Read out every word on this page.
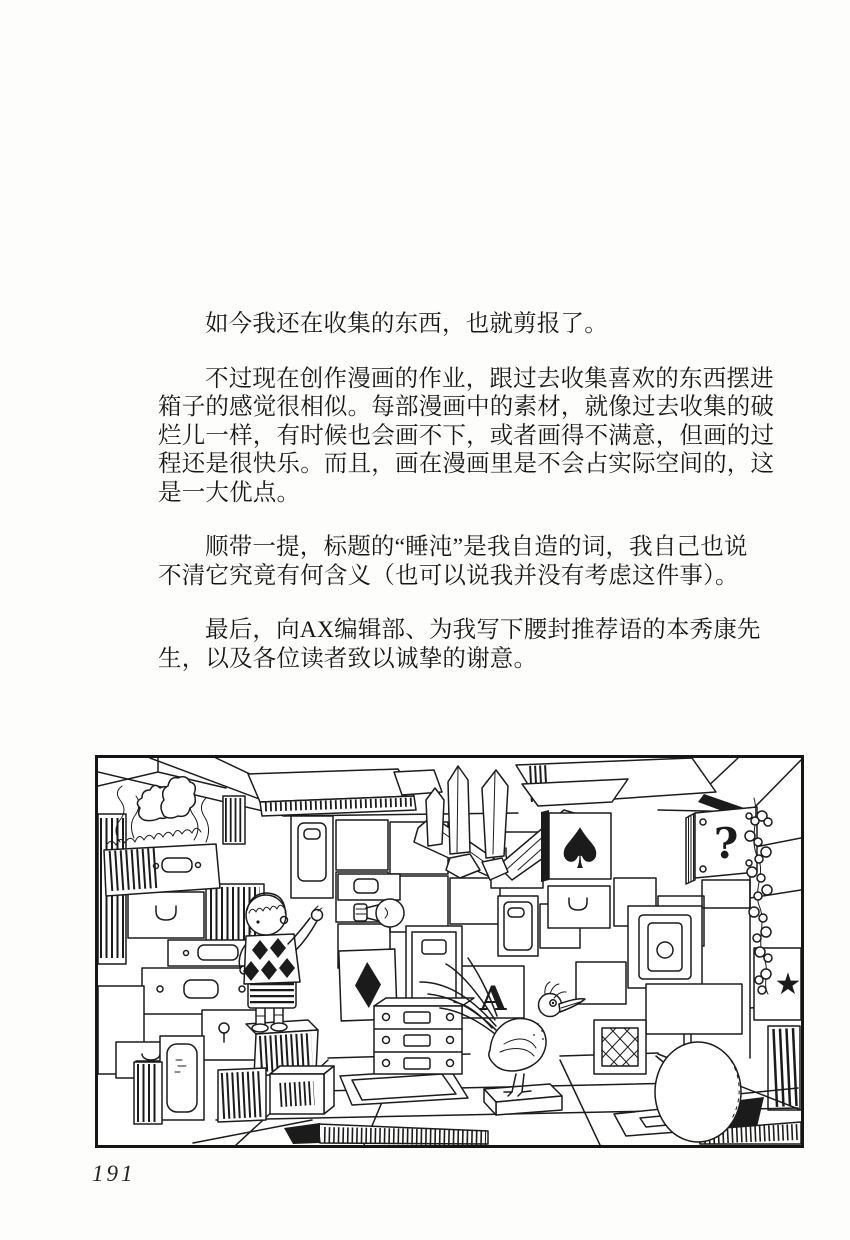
如今我还在收集的东西，也就剪报了。

不过现在创作漫画的作业，跟过去收集喜欢的东西摆进
箱子的感觉很相似。每部漫画中的素材，就像过去收集的破
烂儿一样，有时候也会画不下，或者画得不满意，但画的过
程还是很快乐。而且，画在漫画里是不会占实际空间的，这
是一大优点。

顺带一提，标题的“睡沌”是我自造的词，我自己也说
不清它究竟有何含义（也可以说我并没有考虑这件事）。

最后，向AX编辑部、为我写下腰封推荐语的本秀康先
生，以及各位读者致以诚挚的谢意。

A
♠	?
★
191
